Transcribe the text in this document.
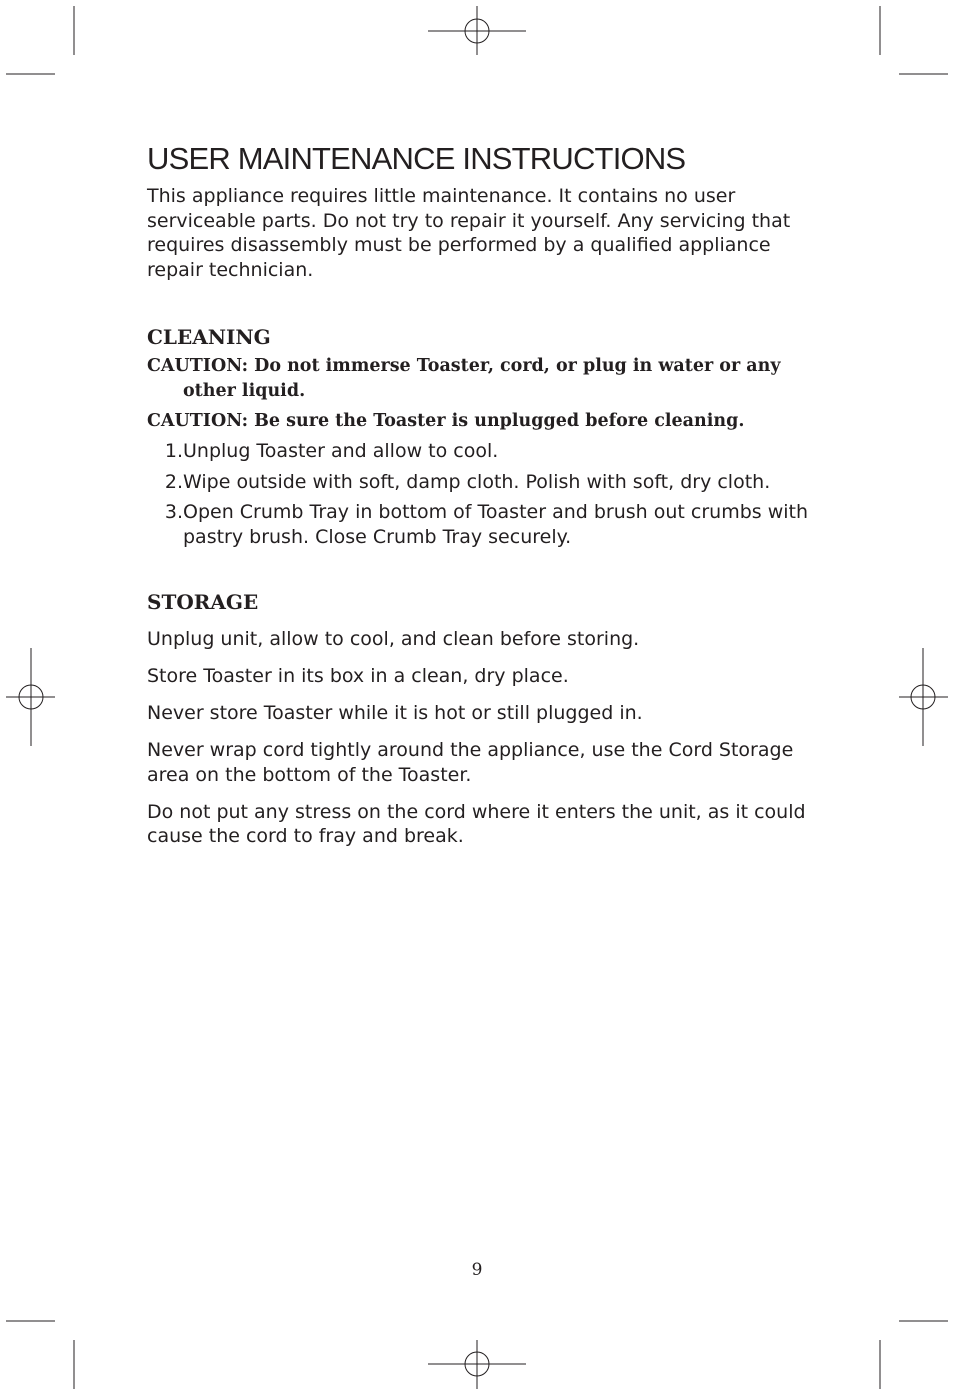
USER MAINTENANCE INSTRUCTIONS

This appliance requires little maintenance. It contains no user serviceable parts. Do not try to repair it yourself. Any servicing that requires disassembly must be performed by a qualified appliance repair technician.

CLEANING
CAUTION: Do not immerse Toaster, cord, or plug in water or any other liquid.
CAUTION: Be sure the Toaster is unplugged before cleaning.
1. Unplug Toaster and allow to cool.
2. Wipe outside with soft, damp cloth. Polish with soft, dry cloth.
3. Open Crumb Tray in bottom of Toaster and brush out crumbs with pastry brush. Close Crumb Tray securely.
STORAGE

Unplug unit, allow to cool, and clean before storing.

Store Toaster in its box in a clean, dry place.

Never store Toaster while it is hot or still plugged in.

Never wrap cord tightly around the appliance, use the Cord Storage area on the bottom of the Toaster.

Do not put any stress on the cord where it enters the unit, as it could cause the cord to fray and break.

9
